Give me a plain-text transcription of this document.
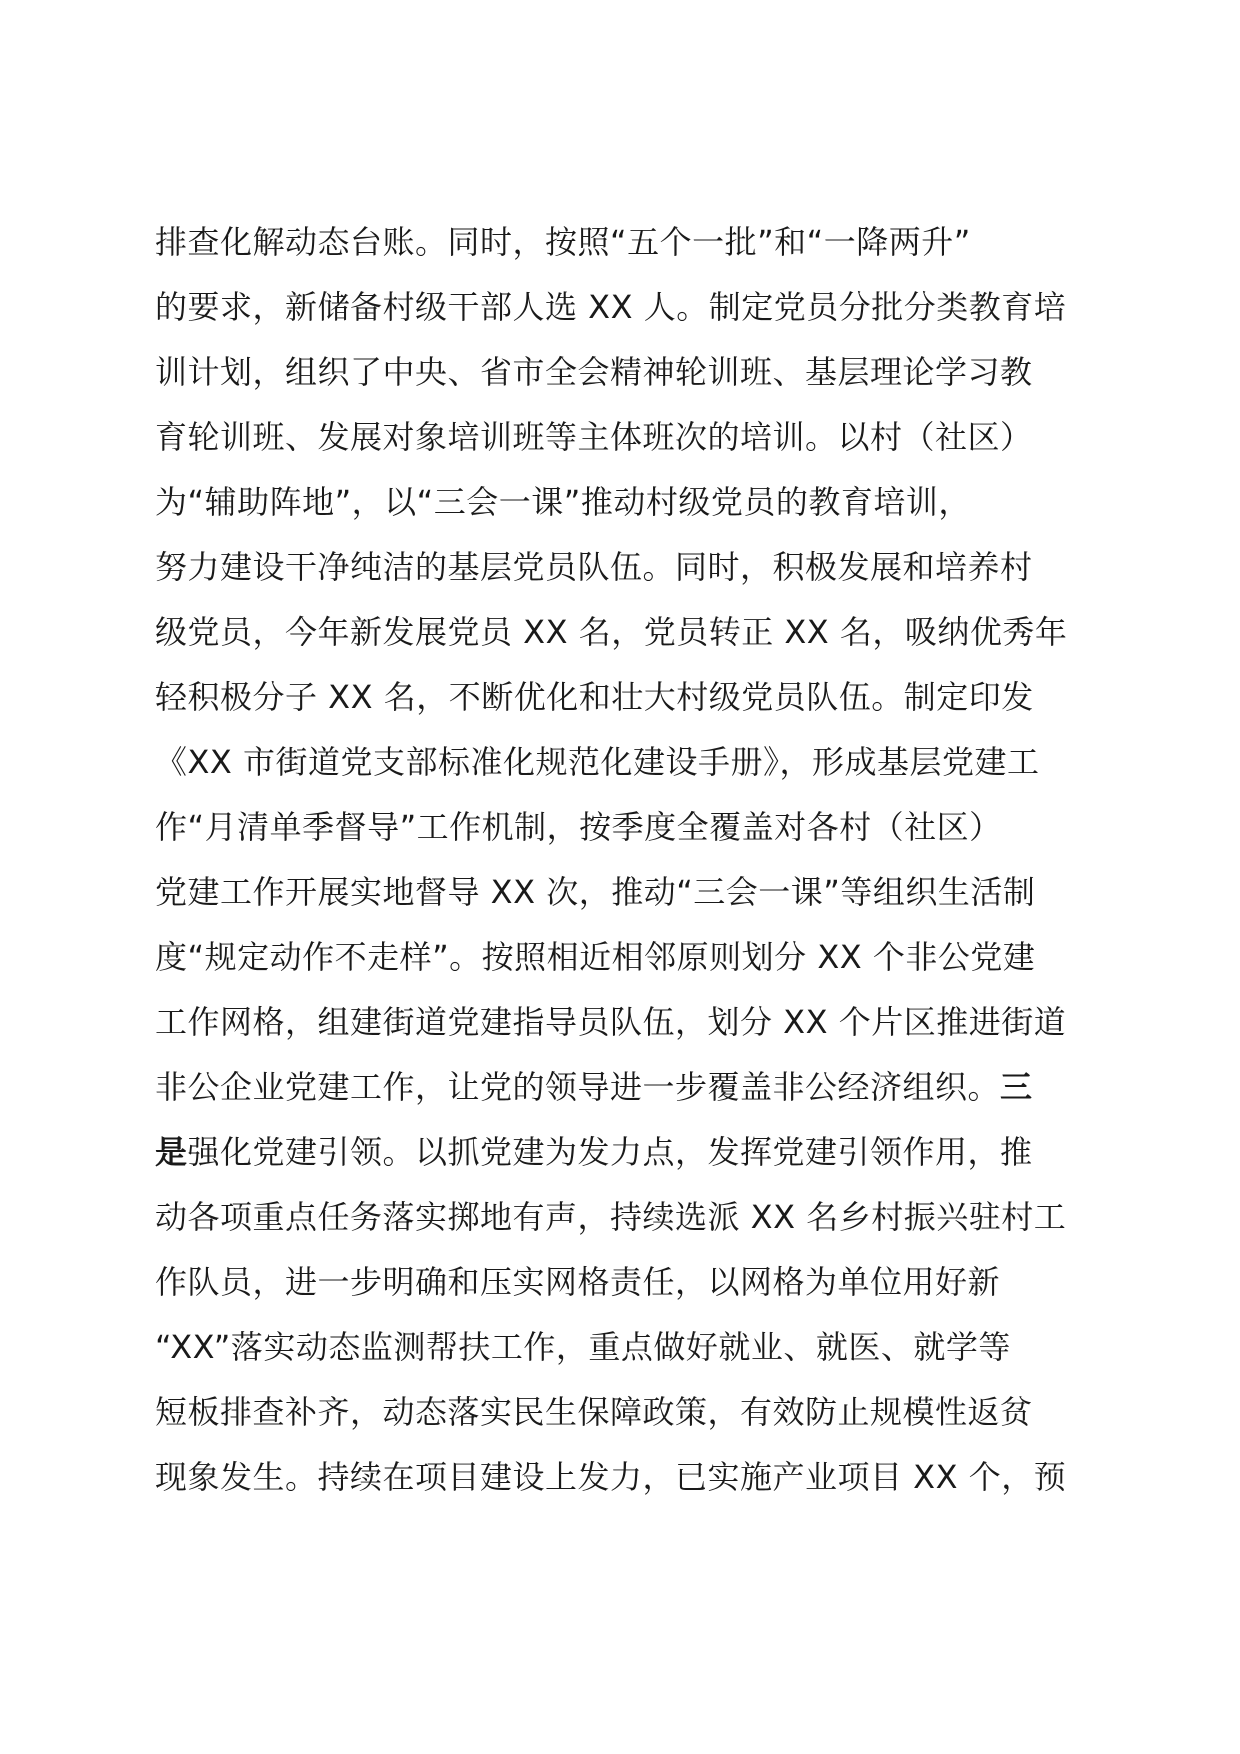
排查化解动态台账。同时，按照“五个一批”和“一降两升”
的要求，新储备村级干部人选 XX 人。制定党员分批分类教育培
训计划，组织了中央、省市全会精神轮训班、基层理论学习教
育轮训班、发展对象培训班等主体班次的培训。以村（社区）
为“辅助阵地”，以“三会一课”推动村级党员的教育培训，
努力建设干净纯洁的基层党员队伍。同时，积极发展和培养村
级党员，今年新发展党员 XX 名，党员转正 XX 名，吸纳优秀年
轻积极分子 XX 名，不断优化和壮大村级党员队伍。制定印发
《XX 市街道党支部标准化规范化建设手册》，形成基层党建工
作“月清单季督导”工作机制，按季度全覆盖对各村（社区）
党建工作开展实地督导 XX 次，推动“三会一课”等组织生活制
度“规定动作不走样”。按照相近相邻原则划分 XX 个非公党建
工作网格，组建街道党建指导员队伍，划分 XX 个片区推进街道
非公企业党建工作，让党的领导进一步覆盖非公经济组织。三
是强化党建引领。以抓党建为发力点，发挥党建引领作用，推
动各项重点任务落实掷地有声，持续选派 XX 名乡村振兴驻村工
作队员，进一步明确和压实网格责任，以网格为单位用好新
“XX”落实动态监测帮扶工作，重点做好就业、就医、就学等
短板排查补齐，动态落实民生保障政策，有效防止规模性返贫
现象发生。持续在项目建设上发力，已实施产业项目 XX 个，预
